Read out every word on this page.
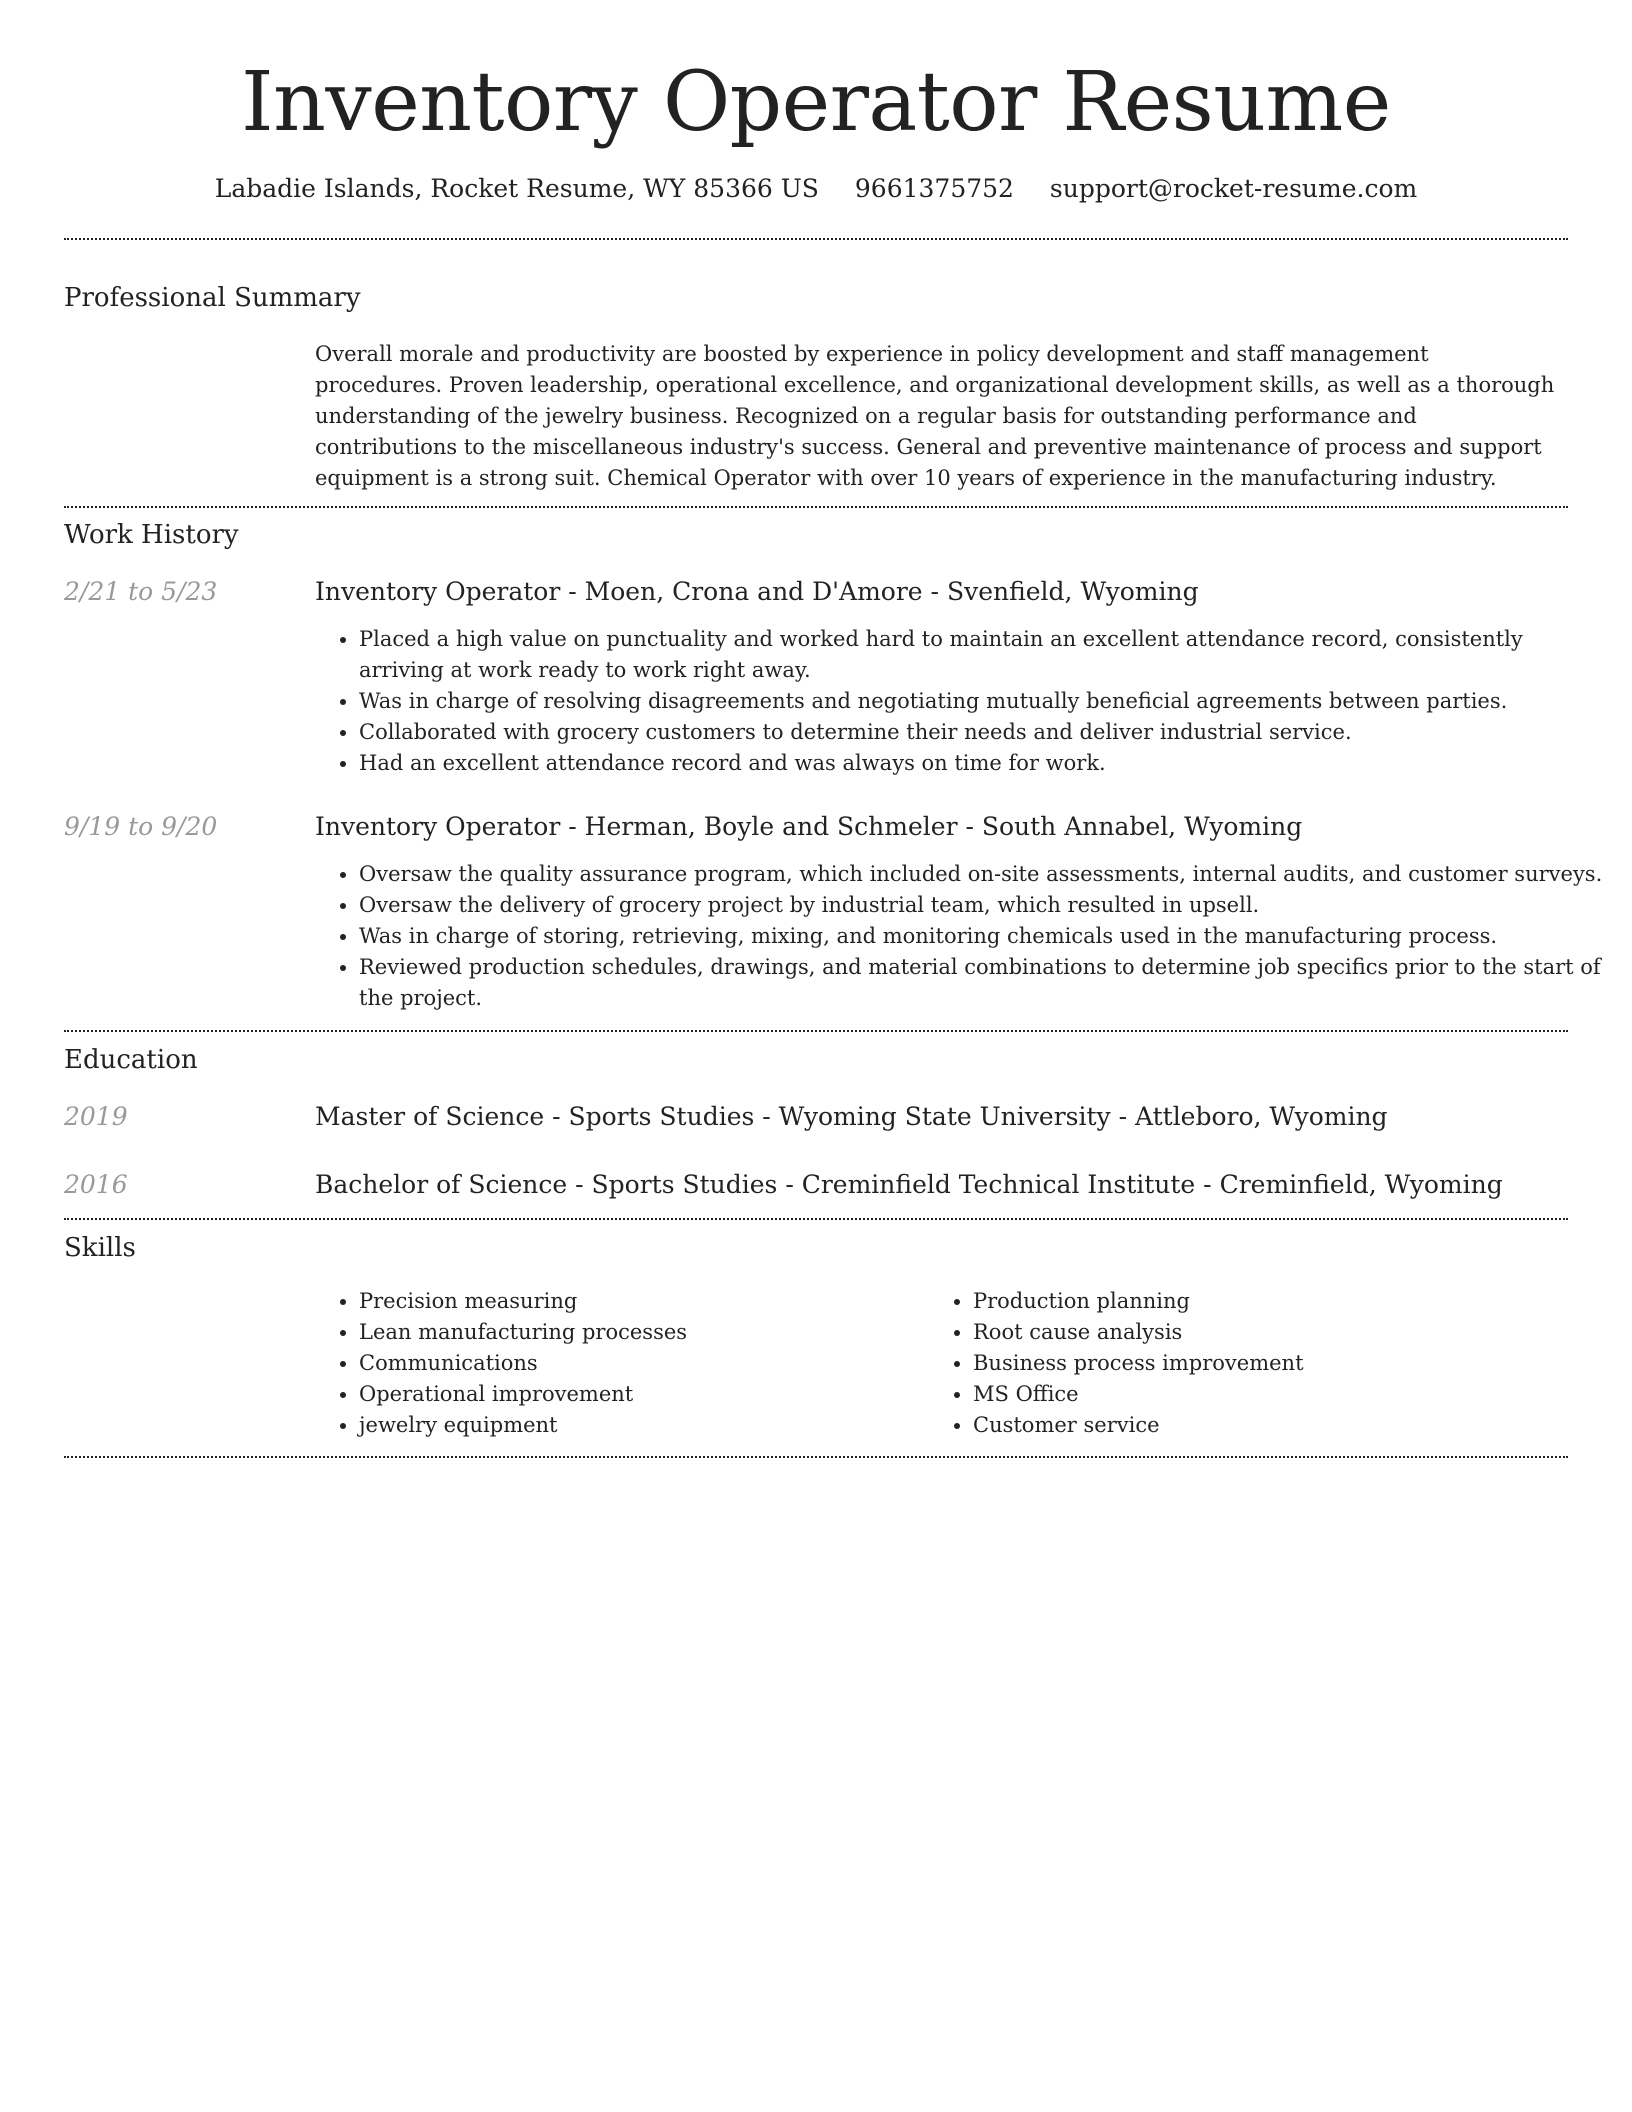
Inventory Operator Resume
Labadie Islands, Rocket Resume, WY 85366 US 9661375752 support@rocket-resume.com
Professional Summary

Overall morale and productivity are boosted by experience in policy development and staff management procedures. Proven leadership, operational excellence, and organizational development skills, as well as a thorough understanding of the jewelry business. Recognized on a regular basis for outstanding performance and contributions to the miscellaneous industry's success. General and preventive maintenance of process and support equipment is a strong suit. Chemical Operator with over 10 years of experience in the manufacturing industry.

Work History
2/21 to 5/23	Inventory Operator - Moen, Crona and D'Amore - Svenfield, Wyoming
• Placed a high value on punctuality and worked hard to maintain an excellent attendance record, consistently arriving at work ready to work right away.
• Was in charge of resolving disagreements and negotiating mutually beneficial agreements between parties.
• Collaborated with grocery customers to determine their needs and deliver industrial service.
• Had an excellent attendance record and was always on time for work.
9/19 to 9/20	Inventory Operator - Herman, Boyle and Schmeler - South Annabel, Wyoming
• Oversaw the quality assurance program, which included on-site assessments, internal audits, and customer surveys.
• Oversaw the delivery of grocery project by industrial team, which resulted in upsell.
• Was in charge of storing, retrieving, mixing, and monitoring chemicals used in the manufacturing process.
• Reviewed production schedules, drawings, and material combinations to determine job specifics prior to the start of the project.
Education
2019	Master of Science - Sports Studies - Wyoming State University - Attleboro, Wyoming
2016	Bachelor of Science - Sports Studies - Creminfield Technical Institute - Creminfield, Wyoming
Skills
• Precision measuring
• Lean manufacturing processes
• Communications
• Operational improvement
• jewelry equipment
• Production planning
• Root cause analysis
• Business process improvement
• MS Office
• Customer service
